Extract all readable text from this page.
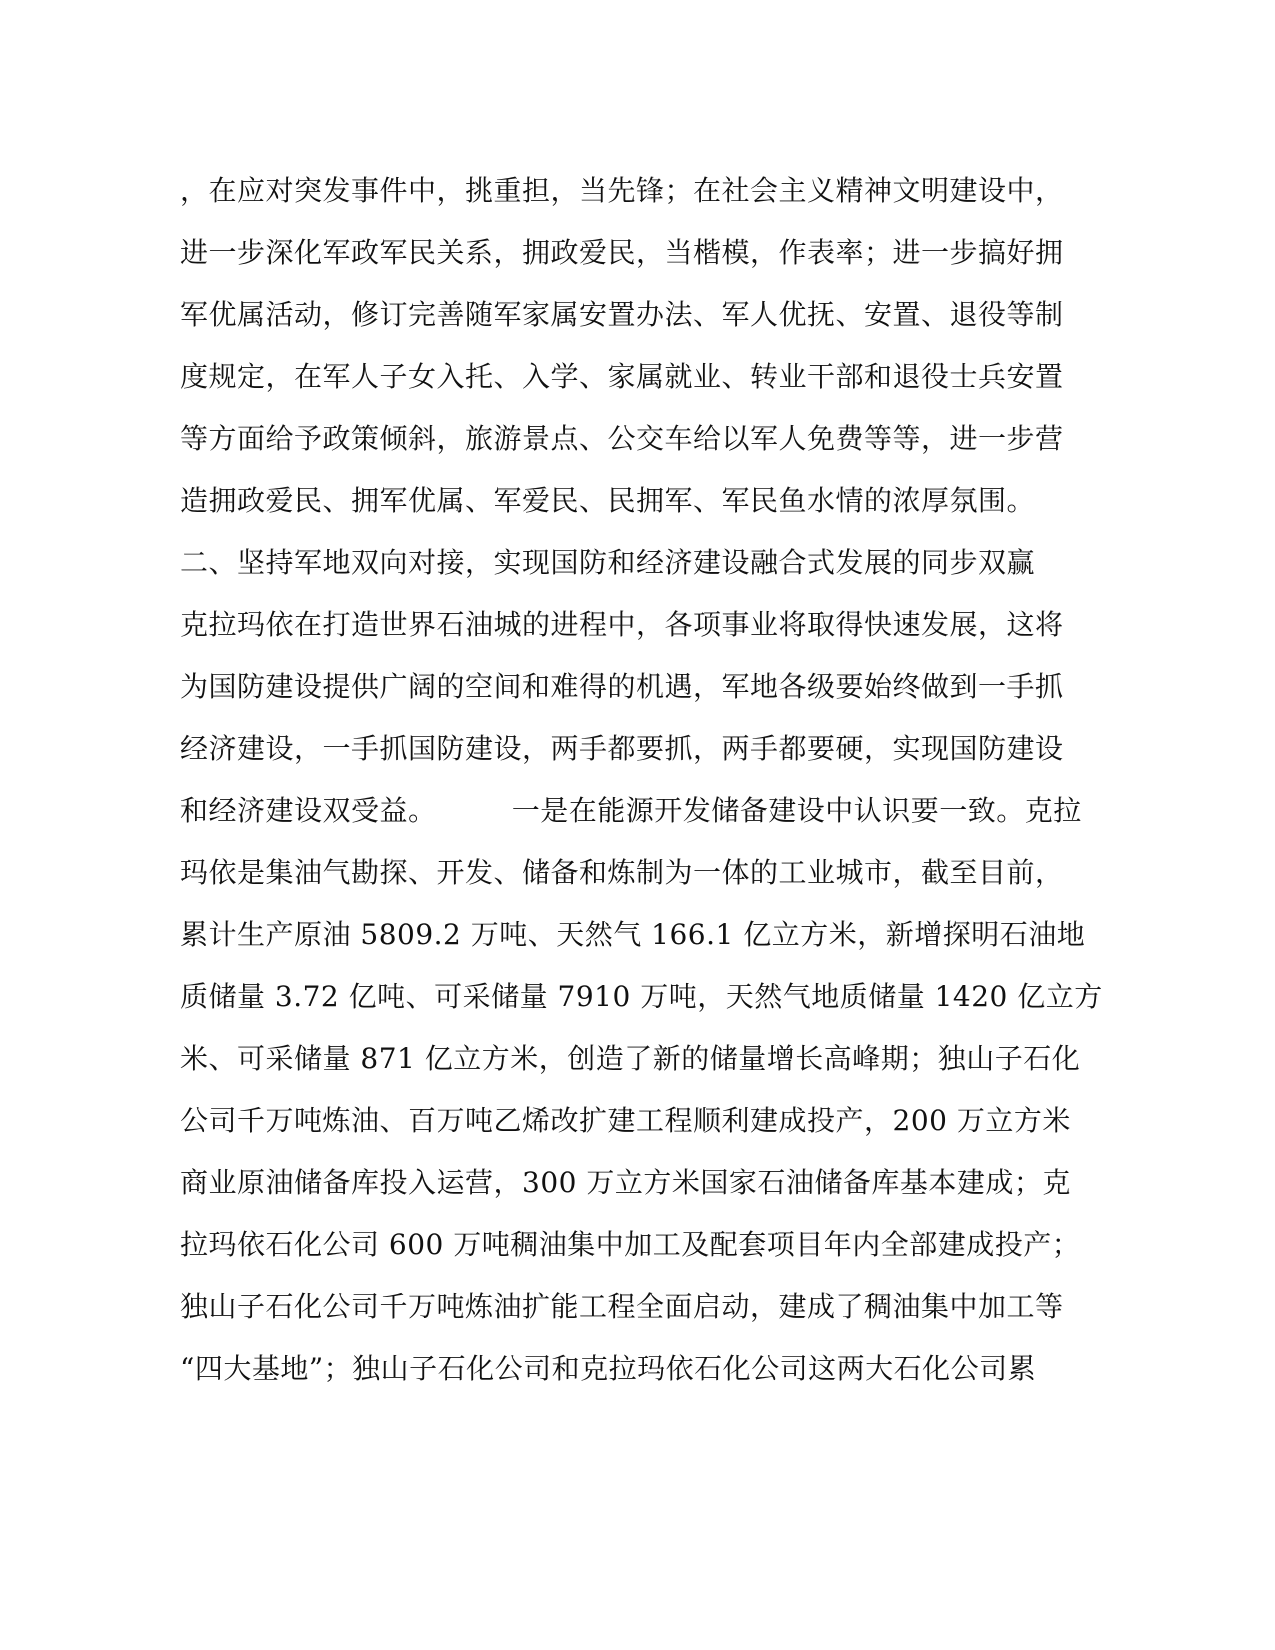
，在应对突发事件中，挑重担，当先锋；在社会主义精神文明建设中，
进一步深化军政军民关系，拥政爱民，当楷模，作表率；进一步搞好拥
军优属活动，修订完善随军家属安置办法、军人优抚、安置、退役等制
度规定，在军人子女入托、入学、家属就业、转业干部和退役士兵安置
等方面给予政策倾斜，旅游景点、公交车给以军人免费等等，进一步营
造拥政爱民、拥军优属、军爱民、民拥军、军民鱼水情的浓厚氛围。
二、坚持军地双向对接，实现国防和经济建设融合式发展的同步双赢
克拉玛依在打造世界石油城的进程中，各项事业将取得快速发展，这将
为国防建设提供广阔的空间和难得的机遇，军地各级要始终做到一手抓
经济建设，一手抓国防建设，两手都要抓，两手都要硬，实现国防建设
和经济建设双受益。        一是在能源开发储备建设中认识要一致。克拉
玛依是集油气勘探、开发、储备和炼制为一体的工业城市，截至目前，
累计生产原油 5809.2 万吨、天然气 166.1 亿立方米，新增探明石油地
质储量 3.72 亿吨、可采储量 7910 万吨，天然气地质储量 1420 亿立方
米、可采储量 871 亿立方米，创造了新的储量增长高峰期；独山子石化
公司千万吨炼油、百万吨乙烯改扩建工程顺利建成投产，200 万立方米
商业原油储备库投入运营，300 万立方米国家石油储备库基本建成；克
拉玛依石化公司 600 万吨稠油集中加工及配套项目年内全部建成投产；
独山子石化公司千万吨炼油扩能工程全面启动，建成了稠油集中加工等
“四大基地”；独山子石化公司和克拉玛依石化公司这两大石化公司累
